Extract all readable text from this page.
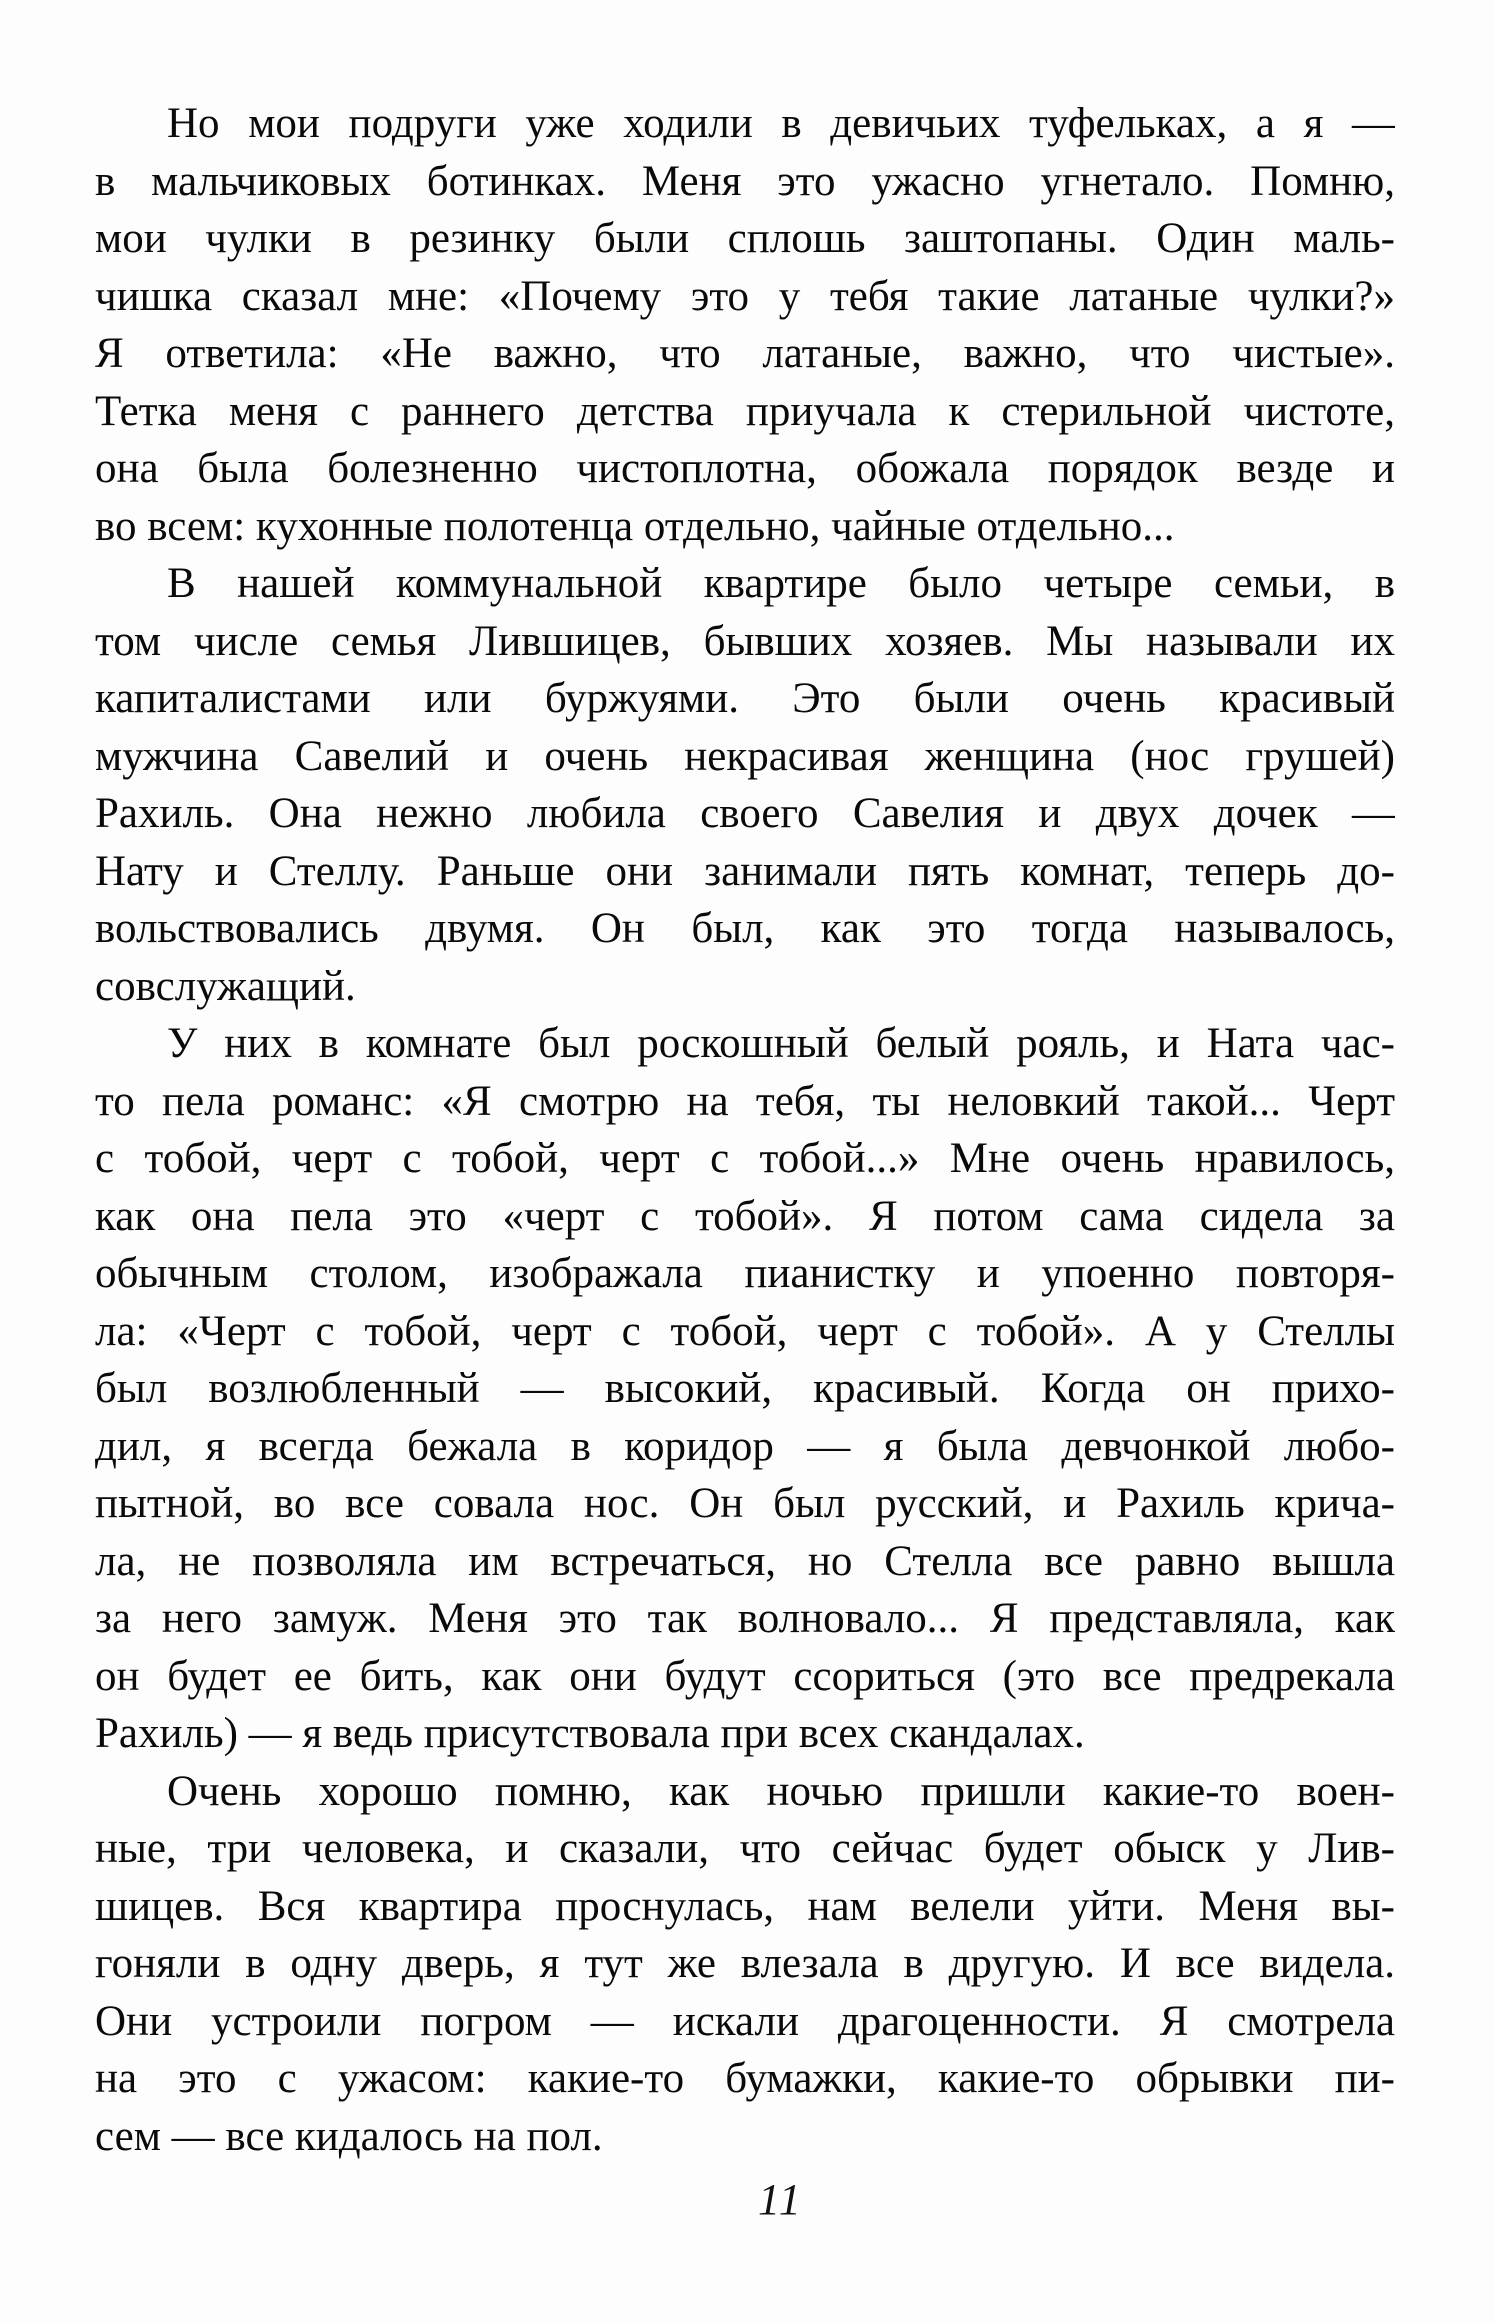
Но мои подруги уже ходили в девичьих туфельках, а я —
в мальчиковых ботинках. Меня это ужасно угнетало. Помню,
мои чулки в резинку были сплошь заштопаны. Один маль-
чишка сказал мне: «Почему это у тебя такие латаные чулки?»
Я ответила: «Не важно, что латаные, важно, что чистые».
Тетка меня с раннего детства приучала к стерильной чистоте,
она была болезненно чистоплотна, обожала порядок везде и
во всем: кухонные полотенца отдельно, чайные отдельно...
В нашей коммунальной квартире было четыре семьи, в
том числе семья Лившицев, бывших хозяев. Мы называли их
капиталистами или буржуями. Это были очень красивый
мужчина Савелий и очень некрасивая женщина (нос грушей)
Рахиль. Она нежно любила своего Савелия и двух дочек —
Нату и Стеллу. Раньше они занимали пять комнат, теперь до-
вольствовались двумя. Он был, как это тогда называлось,
совслужащий.
У них в комнате был роскошный белый рояль, и Ната час-
то пела романс: «Я смотрю на тебя, ты неловкий такой... Черт
с тобой, черт с тобой, черт с тобой...» Мне очень нравилось,
как она пела это «черт с тобой». Я потом сама сидела за
обычным столом, изображала пианистку и упоенно повторя-
ла: «Черт с тобой, черт с тобой, черт с тобой». А у Стеллы
был возлюбленный — высокий, красивый. Когда он прихо-
дил, я всегда бежала в коридор — я была девчонкой любо-
пытной, во все совала нос. Он был русский, и Рахиль крича-
ла, не позволяла им встречаться, но Стелла все равно вышла
за него замуж. Меня это так волновало... Я представляла, как
он будет ее бить, как они будут ссориться (это все предрекала
Рахиль) — я ведь присутствовала при всех скандалах.
Очень хорошо помню, как ночью пришли какие-то воен-
ные, три человека, и сказали, что сейчас будет обыск у Лив-
шицев. Вся квартира проснулась, нам велели уйти. Меня вы-
гоняли в одну дверь, я тут же влезала в другую. И все видела.
Они устроили погром — искали драгоценности. Я смотрела
на это с ужасом: какие-то бумажки, какие-то обрывки пи-
сем — все кидалось на пол.
11
